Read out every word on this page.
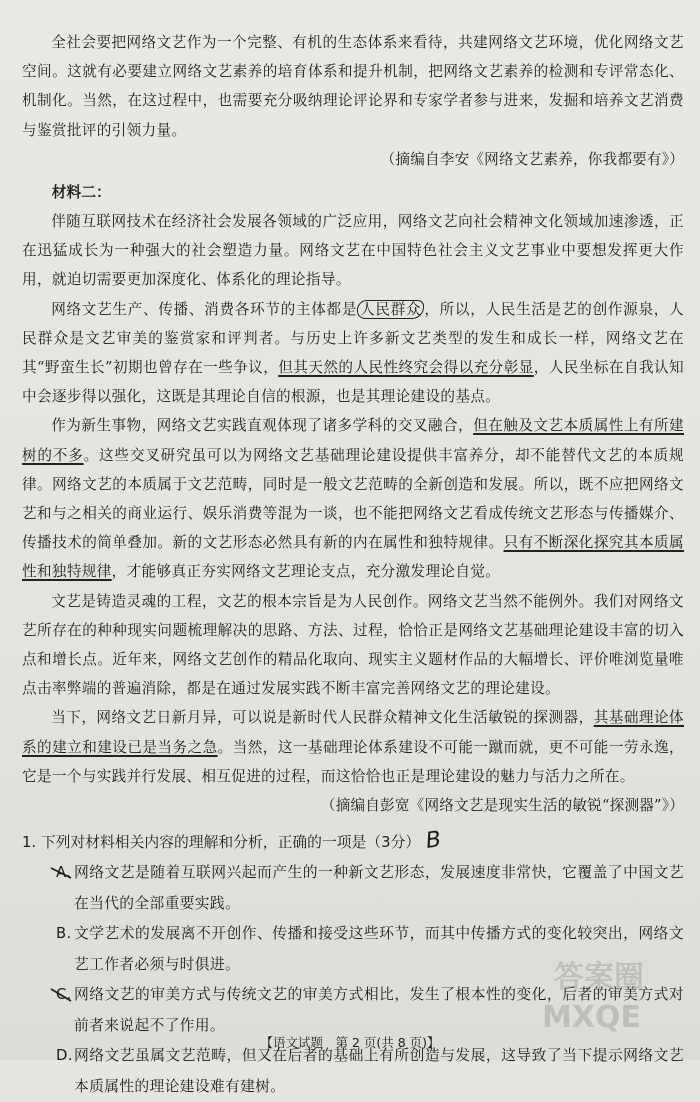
全社会要把网络文艺作为一个完整、有机的生态体系来看待，共建网络文艺环境，优化网络文艺空间。这就有必要建立网络文艺素养的培育体系和提升机制，把网络文艺素养的检测和专评常态化、机制化。当然，在这过程中，也需要充分吸纳理论评论界和专家学者参与进来，发掘和培养文艺消费与鉴赏批评的引领力量。

（摘编自李安《网络文艺素养，你我都要有》）

材料二：

伴随互联网技术在经济社会发展各领域的广泛应用，网络文艺向社会精神文化领域加速渗透，正在迅猛成长为一种强大的社会塑造力量。网络文艺在中国特色社会主义文艺事业中要想发挥更大作用，就迫切需要更加深度化、体系化的理论指导。

网络文艺生产、传播、消费各环节的主体都是 人民群众 ，所以，人民生活是艺的创作源泉，人民群众是文艺审美的鉴赏家和评判者。与历史上许多新文艺类型的发生和成长一样，网络文艺在其“野蛮生长”初期也曾存在一些争议，但其天然的人民性终究会得以充分彰显，人民坐标在自我认知中会逐步得以强化，这既是其理论自信的根源，也是其理论建设的基点。

作为新生事物，网络文艺实践直观体现了诸多学科的交叉融合，但在触及文艺本质属性上有所建树的不多。这些交叉研究虽可以为网络文艺基础理论建设提供丰富养分，却不能替代文艺的本质规律。网络文艺的本质属于文艺范畴，同时是一般文艺范畴的全新创造和发展。所以，既不应把网络文艺和与之相关的商业运行、娱乐消费等混为一谈，也不能把网络文艺看成传统文艺形态与传播媒介、传播技术的简单叠加。新的文艺形态必然具有新的内在属性和独特规律。只有不断深化探究其本质属性和独特规律，才能够真正夯实网络文艺理论支点，充分激发理论自觉。

文艺是铸造灵魂的工程，文艺的根本宗旨是为人民创作。网络文艺当然不能例外。我们对网络文艺所存在的种种现实问题梳理解决的思路、方法、过程，恰恰正是网络文艺基础理论建设丰富的切入点和增长点。近年来，网络文艺创作的精品化取向、现实主义题材作品的大幅增长、评价唯浏览量唯点击率弊端的普遍消除，都是在通过发展实践不断丰富完善网络文艺的理论建设。

当下，网络文艺日新月异，可以说是新时代人民群众精神文化生活敏锐的探测器，其基础理论体系的建立和建设已是当务之急。当然，这一基础理论体系建设不可能一蹴而就，更不可能一劳永逸，它是一个与实践并行发展、相互促进的过程，而这恰恰也正是理论建设的魅力与活力之所在。

（摘编自彭宽《网络文艺是现实生活的敏锐“探测器”》）

1. 下列对材料相关内容的理解和分析，正确的一项是（3分） B

A. 网络文艺是随着互联网兴起而产生的一种新文艺形态，发展速度非常快，它覆盖了中国文艺在当代的全部重要实践。
B. 文学艺术的发展离不开创作、传播和接受这些环节，而其中传播方式的变化较突出，网络文艺工作者必须与时俱进。
C. 网络文艺的审美方式与传统文艺的审美方式相比，发生了根本性的变化，后者的审美方式对前者来说起不了作用。
D. 网络文艺虽属文艺范畴，但又在后者的基础上有所创造与发展，这导致了当下提示网络文艺本质属性的理论建设难有建树。
答案圈
MXQE
【语文试题　第 2 页(共 8 页)】
